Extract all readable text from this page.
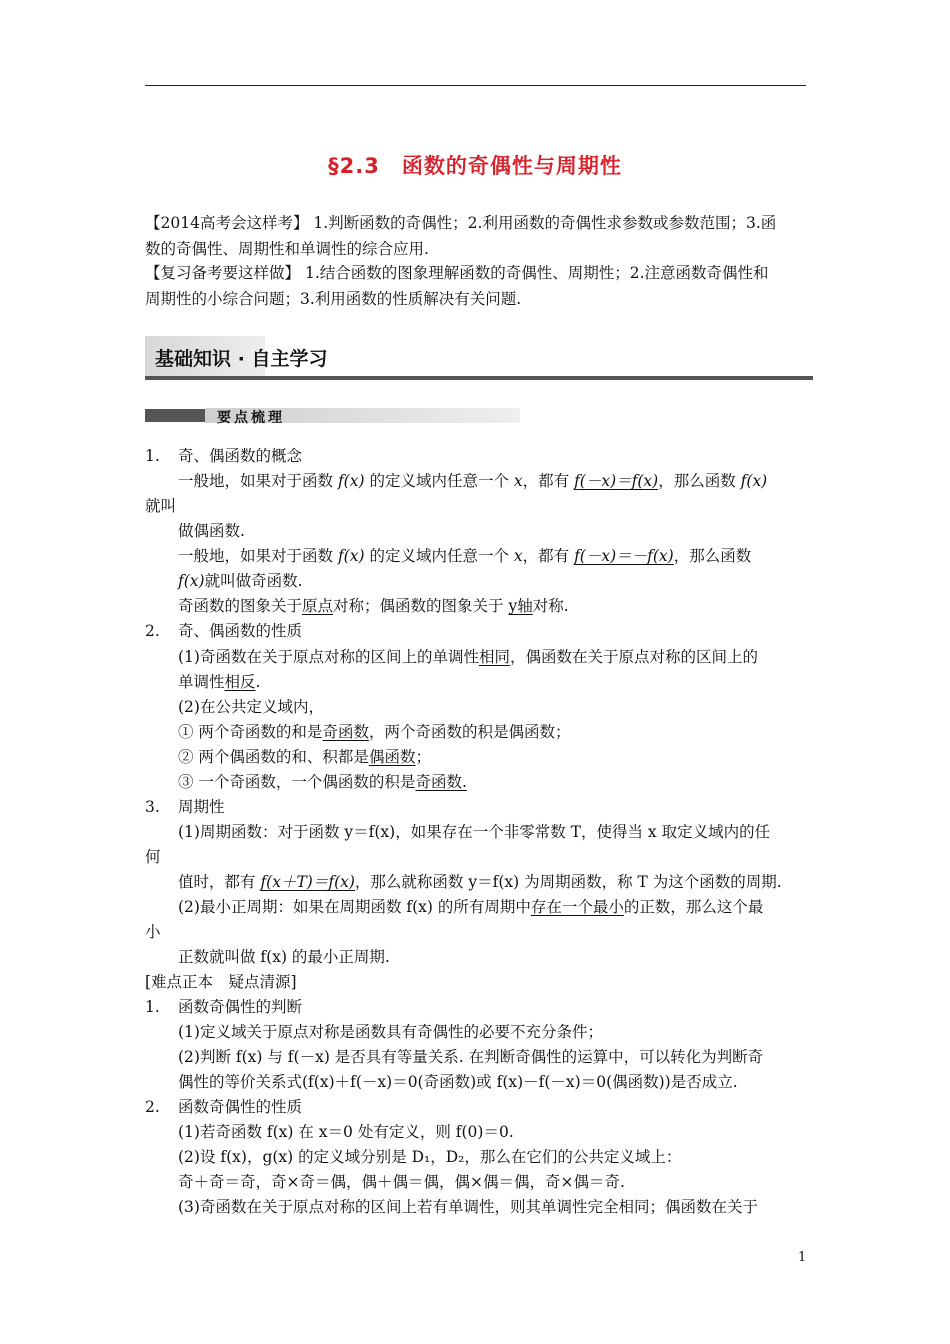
§2.3　函数的奇偶性与周期性
【2014高考会这样考】 1.判断函数的奇偶性；2.利用函数的奇偶性求参数或参数范围；3.函
数的奇偶性、周期性和单调性的综合应用.
【复习备考要这样做】 1.结合函数的图象理解函数的奇偶性、周期性；2.注意函数奇偶性和
周期性的小综合问题；3.利用函数的性质解决有关问题.
基础知识 · 自主学习
要点梳理
1. 奇、偶函数的概念
一般地，如果对于函数 f(x) 的定义域内任意一个 x，都有 f(－x)＝f(x)，那么函数 f(x)
就叫
做偶函数.
一般地，如果对于函数 f(x) 的定义域内任意一个 x，都有 f(－x)＝－f(x)，那么函数
f(x)就叫做奇函数.
奇函数的图象关于原点对称；偶函数的图象关于 y轴对称.
2. 奇、偶函数的性质
(1)奇函数在关于原点对称的区间上的单调性相同，偶函数在关于原点对称的区间上的
单调性相反.
(2)在公共定义域内，
① 两个奇函数的和是奇函数，两个奇函数的积是偶函数；
② 两个偶函数的和、积都是偶函数；
③ 一个奇函数，一个偶函数的积是奇函数.
3. 周期性
(1)周期函数：对于函数 y＝f(x)，如果存在一个非零常数 T，使得当 x 取定义域内的任
何
值时，都有 f(x＋T)＝f(x)，那么就称函数 y＝f(x) 为周期函数，称 T 为这个函数的周期.
(2)最小正周期：如果在周期函数 f(x) 的所有周期中存在一个最小的正数，那么这个最
小
正数就叫做 f(x) 的最小正周期.
[难点正本　疑点清源]
1. 函数奇偶性的判断
(1)定义域关于原点对称是函数具有奇偶性的必要不充分条件；
(2)判断 f(x) 与 f(－x) 是否具有等量关系. 在判断奇偶性的运算中，可以转化为判断奇
偶性的等价关系式(f(x)＋f(－x)＝0(奇函数)或 f(x)－f(－x)＝0(偶函数))是否成立.
2. 函数奇偶性的性质
(1)若奇函数 f(x) 在 x＝0 处有定义，则 f(0)＝0.
(2)设 f(x)，g(x) 的定义域分别是 D₁，D₂，那么在它们的公共定义域上：
奇＋奇＝奇，奇×奇＝偶，偶＋偶＝偶，偶×偶＝偶，奇×偶＝奇.
(3)奇函数在关于原点对称的区间上若有单调性，则其单调性完全相同；偶函数在关于
1
